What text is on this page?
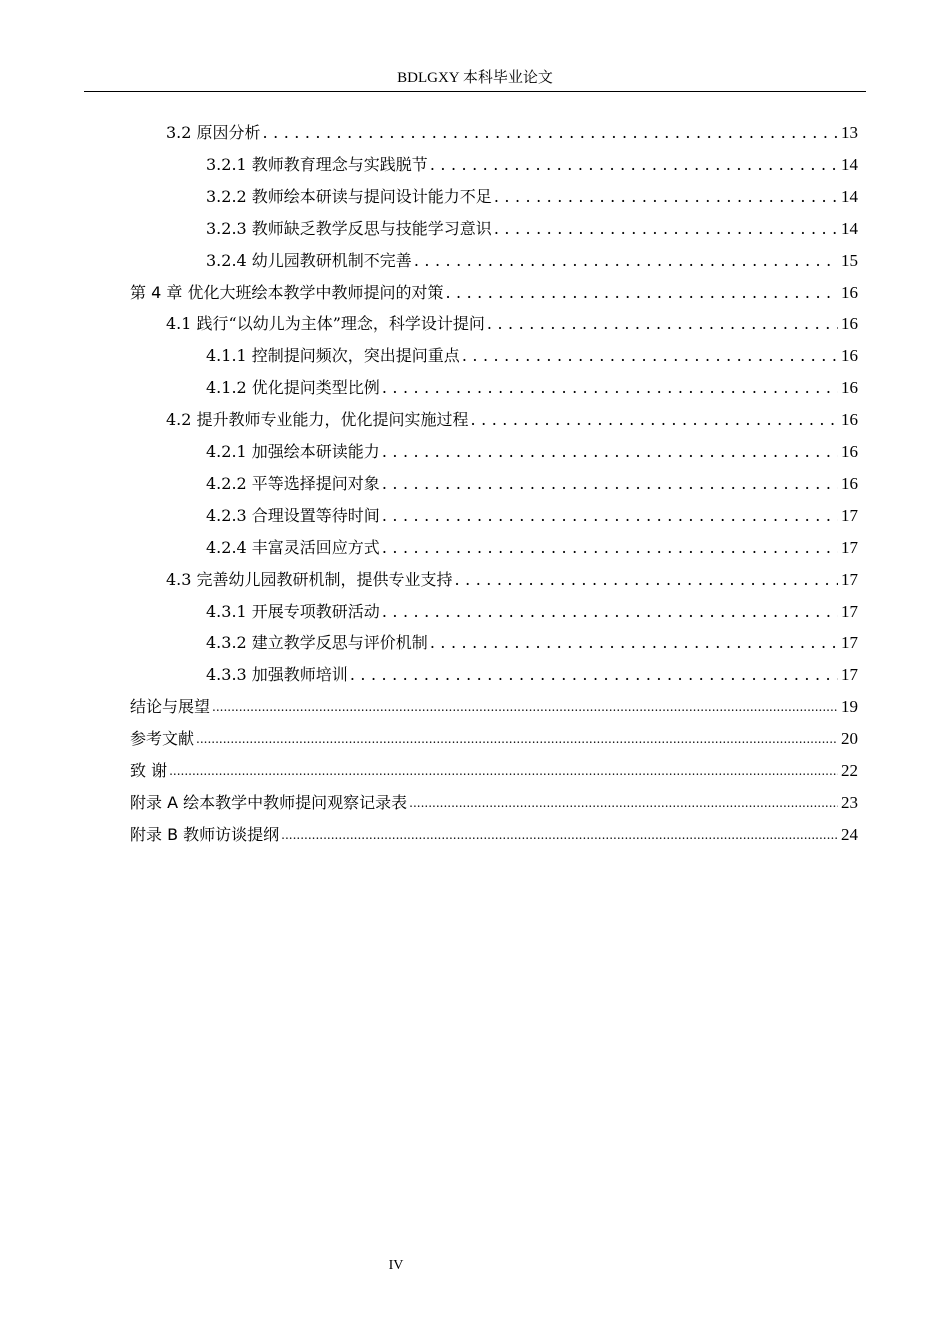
BDLGXY 本科毕业论文
3.2 原因分析 . . .	13
3.2.1 教师教育理念与实践脱节 . . .	14
3.2.2 教师绘本研读与提问设计能力不足 . . .	14
3.2.3 教师缺乏教学反思与技能学习意识 . . .	14
3.2.4 幼儿园教研机制不完善 . . .	15
第 4 章 优化大班绘本教学中教师提问的对策 . . .	16
4.1 践行“以幼儿为主体”理念，科学设计提问 . . .	16
4.1.1 控制提问频次，突出提问重点 . . .	16
4.1.2 优化提问类型比例 . . .	16
4.2 提升教师专业能力，优化提问实施过程 . . .	16
4.2.1 加强绘本研读能力 . . .	16
4.2.2 平等选择提问对象 . . .	16
4.2.3 合理设置等待时间 . . .	17
4.2.4 丰富灵活回应方式 . . .	17
4.3 完善幼儿园教研机制，提供专业支持 . . .	17
4.3.1 开展专项教研活动 . . .	17
4.3.2 建立教学反思与评价机制 . . .	17
4.3.3 加强教师培训 . . .	17
结论与展望 .....	19
参考文献 .....	20
致 谢 .....	22
附录 A 绘本教学中教师提问观察记录表 .....	23
附录 B 教师访谈提纲 .....	24
IV
